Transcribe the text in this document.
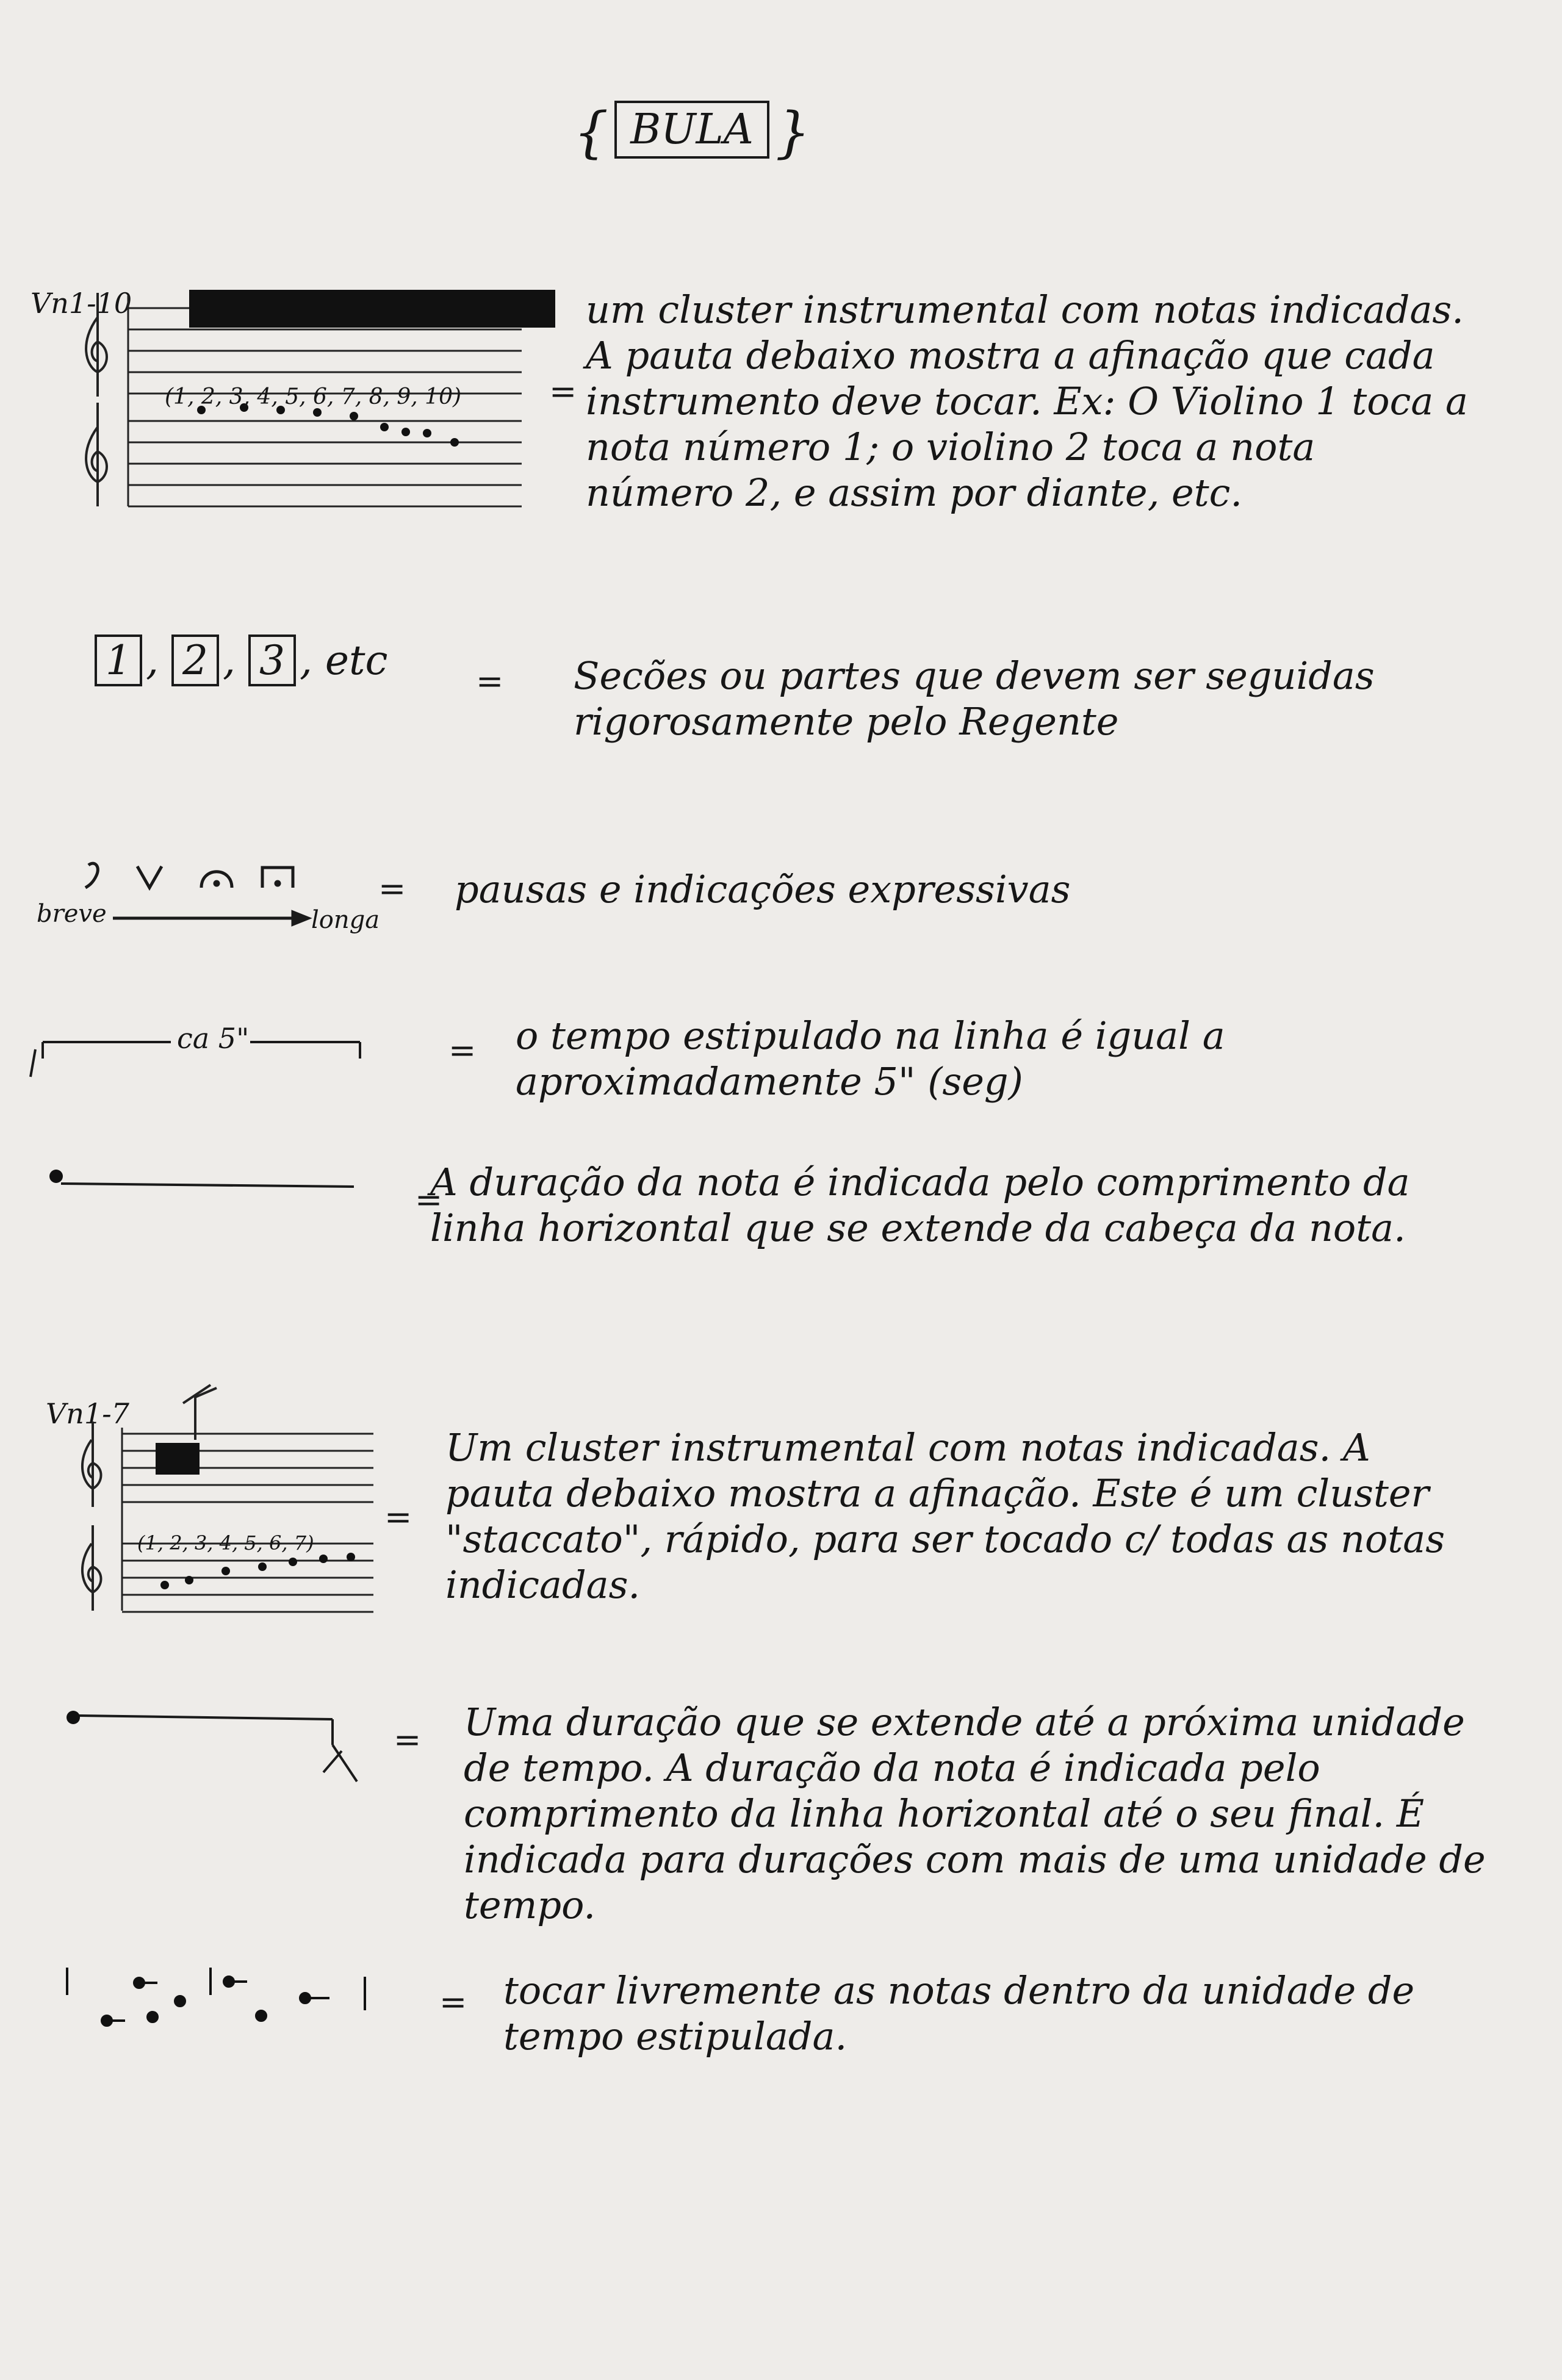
{ BULA }
Vn1-10
(1, 2, 3, 4, 5, 6, 7, 8, 9, 10)	=
um cluster instrumental com notas indicadas. A pauta debaixo mostra a afinação que cada instrumento deve tocar. Ex: O Violino 1 toca a nota número 1; o violino 2 toca a nota número 2, e assim por diante, etc.
1 , 2 , 3 , etc	= Secões ou partes que devem ser seguidas rigorosamente pelo Regente
breve	longa
= pausas e indicações expressivas
ca 5"	= o tempo estipulado na linha é igual a aproximadamente 5" (seg)
=
A duração da nota é indicada pelo comprimento da linha horizontal que se extende da cabeça da nota.
Vn1-7
(1, 2, 3, 4, 5, 6, 7)
=
Um cluster instrumental com notas indicadas. A pauta debaixo mostra a afinação. Este é um cluster "staccato", rápido, para ser tocado c/ todas as notas indicadas.
= Uma duração que se extende até a próxima unidade de tempo. A duração da nota é indicada pelo comprimento da linha horizontal até o seu final. É indicada para durações com mais de uma unidade de tempo.
= tocar livremente as notas dentro da unidade de tempo estipulada.
